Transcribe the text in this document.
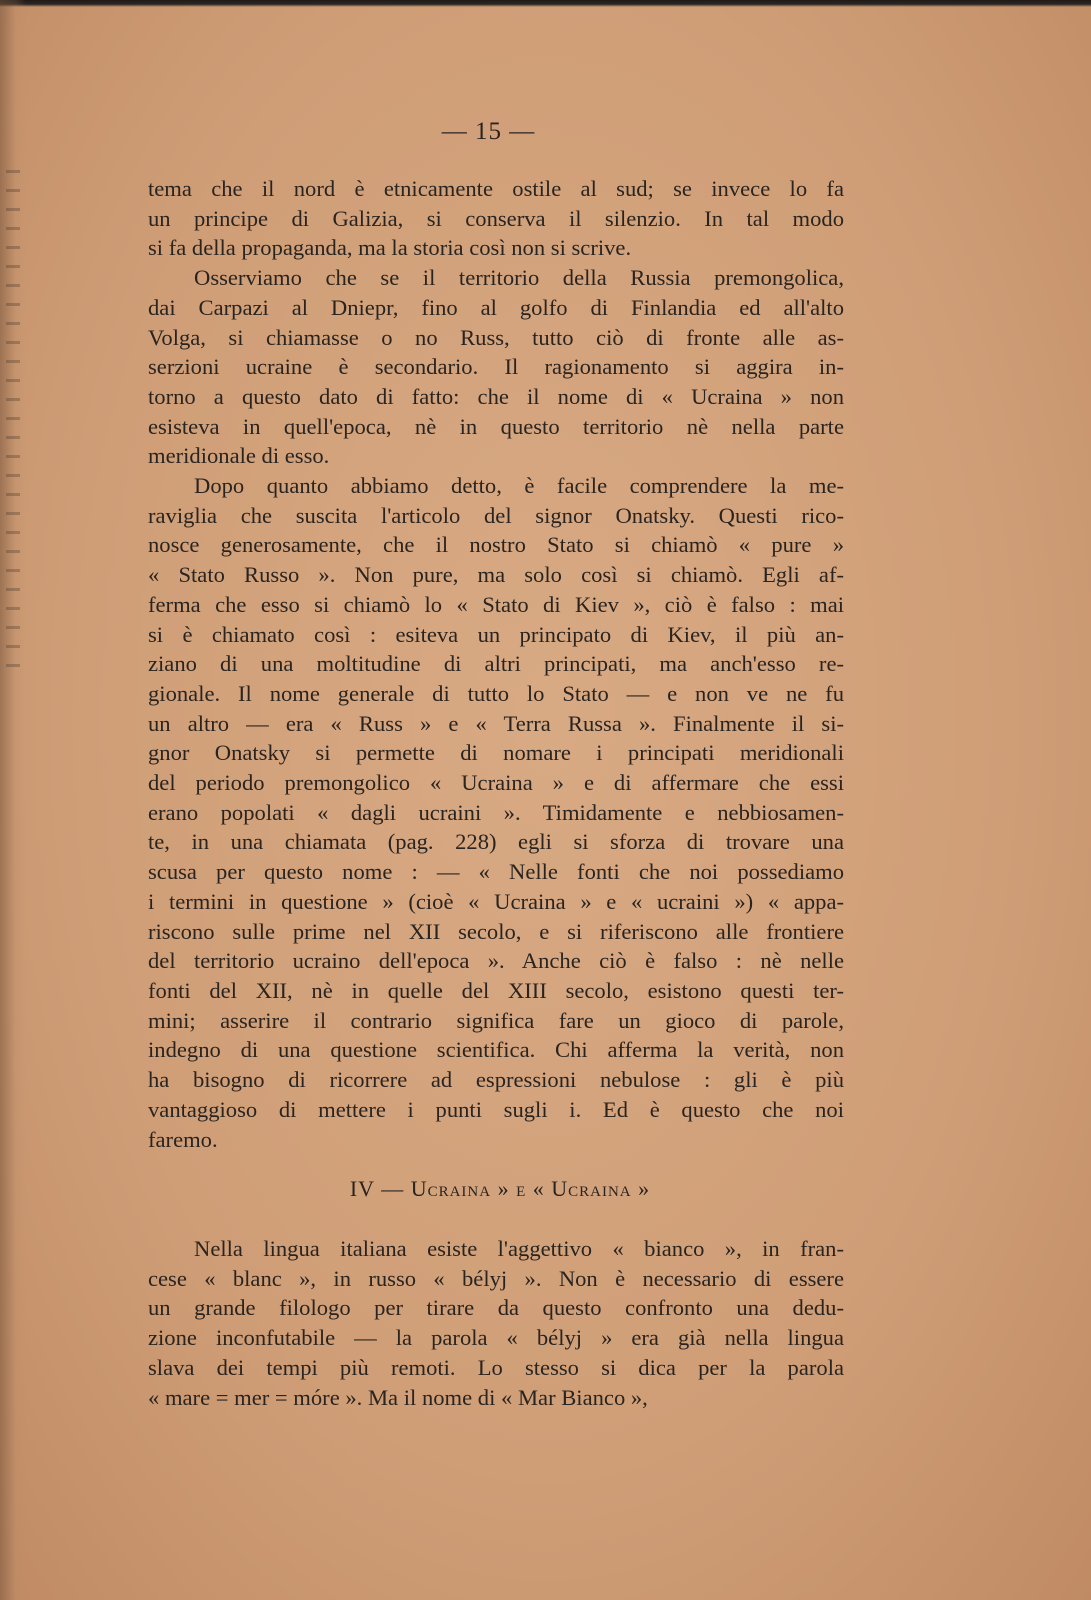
— 15 —
tema che il nord è etnicamente ostile al sud; se invece lo fa
un principe di Galizia, si conserva il silenzio. In tal modo
si fa della propaganda, ma la storia così non si scrive.
Osserviamo che se il territorio della Russia premongolica,
dai Carpazi al Dniepr, fino al golfo di Finlandia ed all'alto
Volga, si chiamasse o no Russ, tutto ciò di fronte alle as-
serzioni ucraine è secondario. Il ragionamento si aggira in-
torno a questo dato di fatto: che il nome di « Ucraina » non
esisteva in quell'epoca, nè in questo territorio nè nella parte
meridionale di esso.
Dopo quanto abbiamo detto, è facile comprendere la me-
raviglia che suscita l'articolo del signor Onatsky. Questi rico-
nosce generosamente, che il nostro Stato si chiamò « pure »
« Stato Russo ». Non pure, ma solo così si chiamò. Egli af-
ferma che esso si chiamò lo « Stato di Kiev », ciò è falso : mai
si è chiamato così : esiteva un principato di Kiev, il più an-
ziano di una moltitudine di altri principati, ma anch'esso re-
gionale. Il nome generale di tutto lo Stato — e non ve ne fu
un altro — era « Russ » e « Terra Russa ». Finalmente il si-
gnor Onatsky si permette di nomare i principati meridionali
del periodo premongolico « Ucraina » e di affermare che essi
erano popolati « dagli ucraini ». Timidamente e nebbiosamen-
te, in una chiamata (pag. 228) egli si sforza di trovare una
scusa per questo nome : — « Nelle fonti che noi possediamo
i termini in questione » (cioè « Ucraina » e « ucraini ») « appa-
riscono sulle prime nel XII secolo, e si riferiscono alle frontiere
del territorio ucraino dell'epoca ». Anche ciò è falso : nè nelle
fonti del XII, nè in quelle del XIII secolo, esistono questi ter-
mini; asserire il contrario significa fare un gioco di parole,
indegno di una questione scientifica. Chi afferma la verità, non
ha bisogno di ricorrere ad espressioni nebulose : gli è più
vantaggioso di mettere i punti sugli i. Ed è questo che noi
faremo.
IV — Ucraina » e « Ucraina »
Nella lingua italiana esiste l'aggettivo « bianco », in fran-
cese « blanc », in russo « bélyj ». Non è necessario di essere
un grande filologo per tirare da questo confronto una dedu-
zione inconfutabile — la parola « bélyj » era già nella lingua
slava dei tempi più remoti. Lo stesso si dica per la parola
« mare = mer = móre ». Ma il nome di « Mar Bianco »,
